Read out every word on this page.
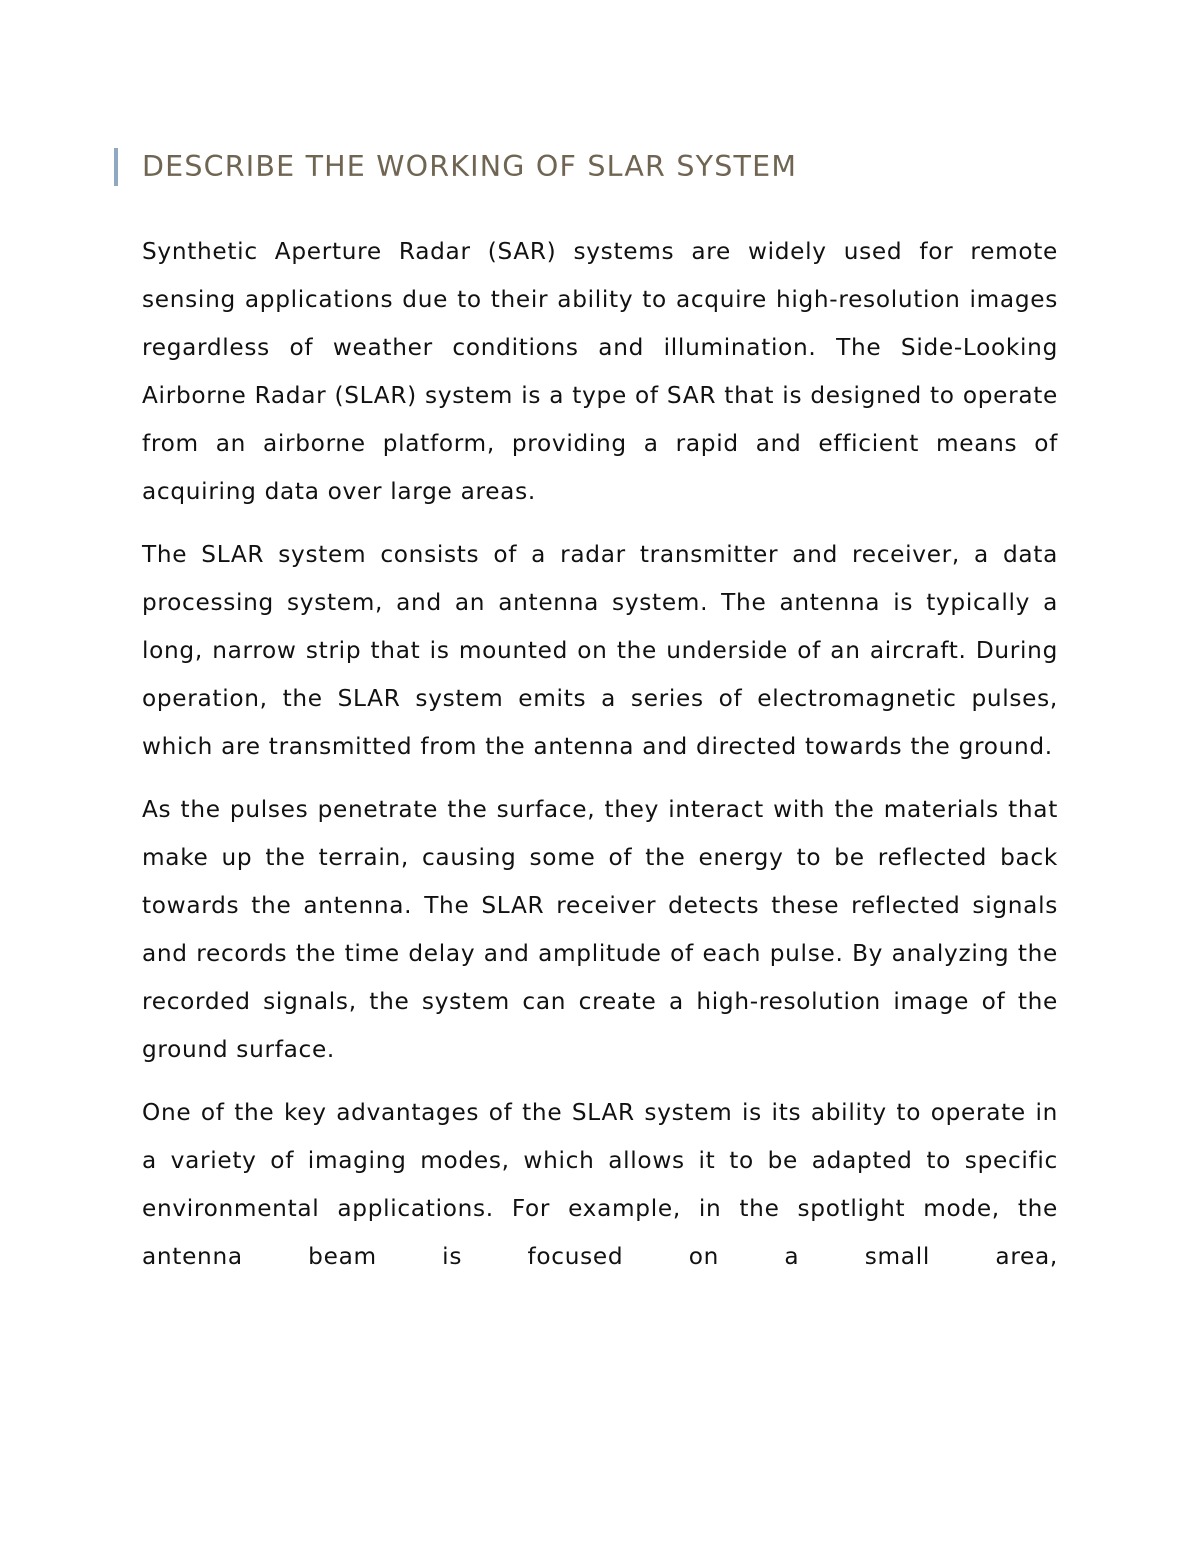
DESCRIBE THE WORKING OF SLAR SYSTEM

Synthetic Aperture Radar (SAR) systems are widely used for remote sensing applications due to their ability to acquire high-resolution images regardless of weather conditions and illumination. The Side-Looking Airborne Radar (SLAR) system is a type of SAR that is designed to operate from an airborne platform, providing a rapid and efficient means of acquiring data over large areas.

The SLAR system consists of a radar transmitter and receiver, a data processing system, and an antenna system. The antenna is typically a long, narrow strip that is mounted on the underside of an aircraft. During operation, the SLAR system emits a series of electromagnetic pulses, which are transmitted from the antenna and directed towards the ground.

As the pulses penetrate the surface, they interact with the materials that make up the terrain, causing some of the energy to be reflected back towards the antenna. The SLAR receiver detects these reflected signals and records the time delay and amplitude of each pulse. By analyzing the recorded signals, the system can create a high-resolution image of the ground surface.

One of the key advantages of the SLAR system is its ability to operate in a variety of imaging modes, which allows it to be adapted to specific environmental applications. For example, in the spotlight mode, the antenna beam is focused on a small area,
